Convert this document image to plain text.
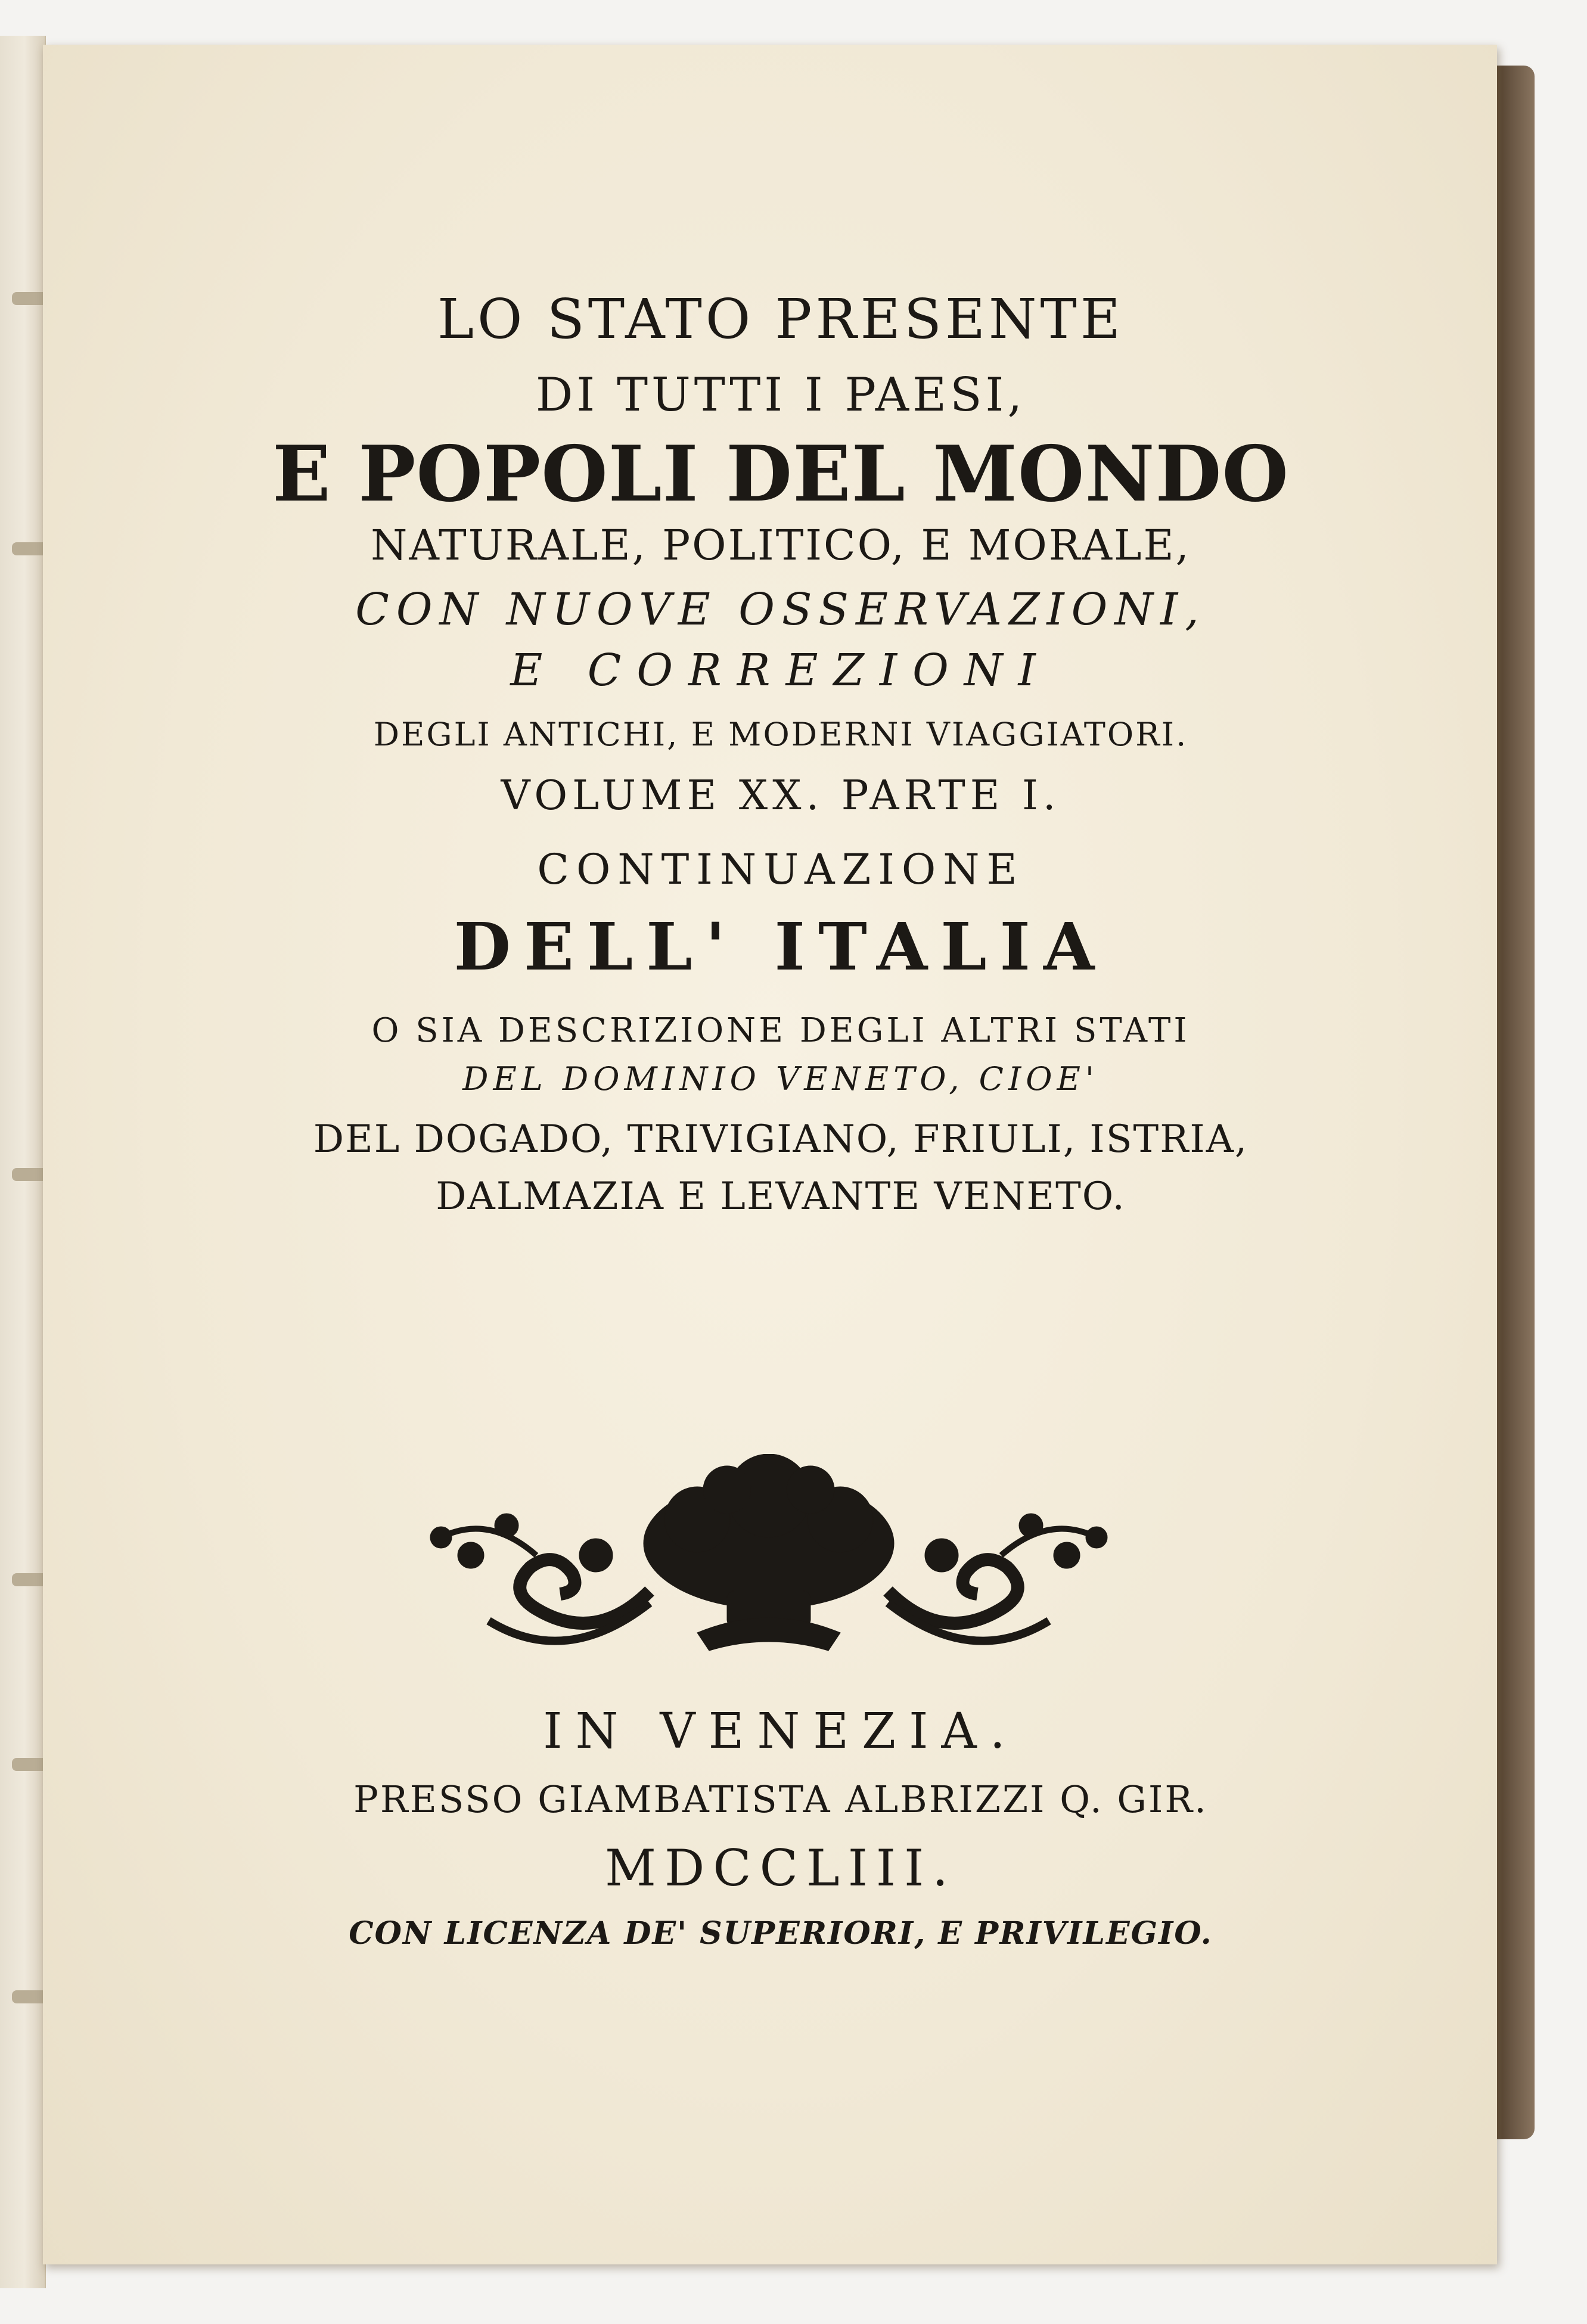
LO STATO PRESENTE
DI TUTTI I PAESI,
E POPOLI DEL MONDO
NATURALE, POLITICO, E MORALE,
CON NUOVE OSSERVAZIONI,
E CORREZIONI
DEGLI ANTICHI, E MODERNI VIAGGIATORI.
VOLUME XX. PARTE I.
CONTINUAZIONE
DELL' ITALIA
O SIA DESCRIZIONE DEGLI ALTRI STATI
DEL DOMINIO VENETO, CIOE'
DEL DOGADO, TRIVIGIANO, FRIULI, ISTRIA,
DALMAZIA E LEVANTE VENETO.
IN VENEZIA.
PRESSO GIAMBATISTA ALBRIZZI Q. GIR.
MDCCLIII.
CON LICENZA DE' SUPERIORI, E PRIVILEGIO.
